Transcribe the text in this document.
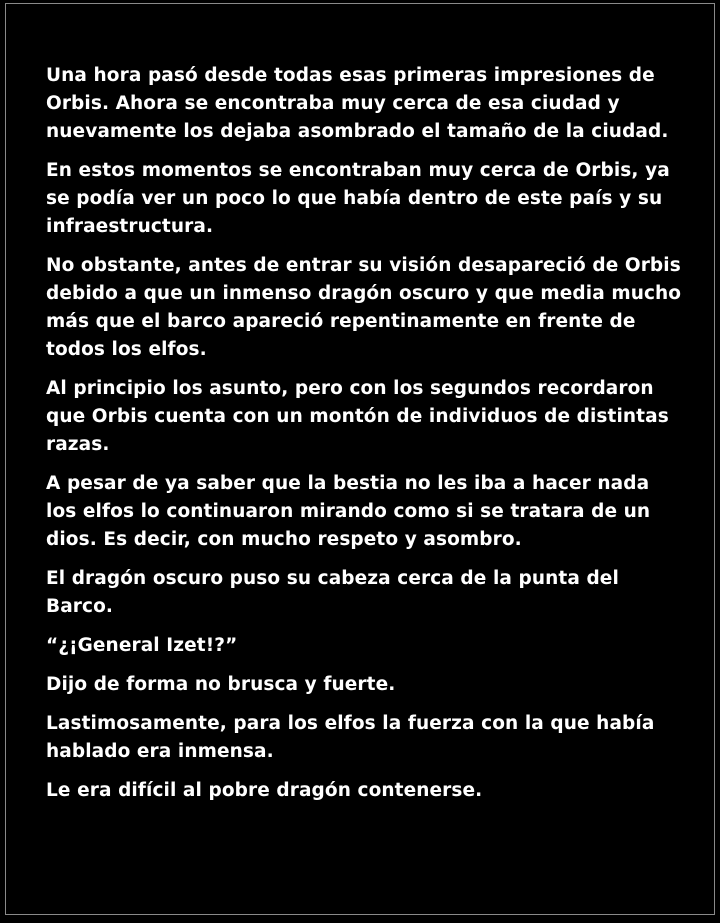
Una hora pasó desde todas esas primeras impresiones de Orbis. Ahora se encontraba muy cerca de esa ciudad y nuevamente los dejaba asombrado el tamaño de la ciudad.

En estos momentos se encontraban muy cerca de Orbis, ya se podía ver un poco lo que había dentro de este país y su infraestructura.

No obstante, antes de entrar su visión desapareció de Orbis debido a que un inmenso dragón oscuro y que media mucho más que el barco apareció repentinamente en frente de todos los elfos.

Al principio los asunto, pero con los segundos recordaron que Orbis cuenta con un montón de individuos de distintas razas.

A pesar de ya saber que la bestia no les iba a hacer nada los elfos lo continuaron mirando como si se tratara de un dios. Es decir, con mucho respeto y asombro.

El dragón oscuro puso su cabeza cerca de la punta del Barco.

“¿¡General Izet!?”

Dijo de forma no brusca y fuerte.

Lastimosamente, para los elfos la fuerza con la que había hablado era inmensa.

Le era difícil al pobre dragón contenerse.
